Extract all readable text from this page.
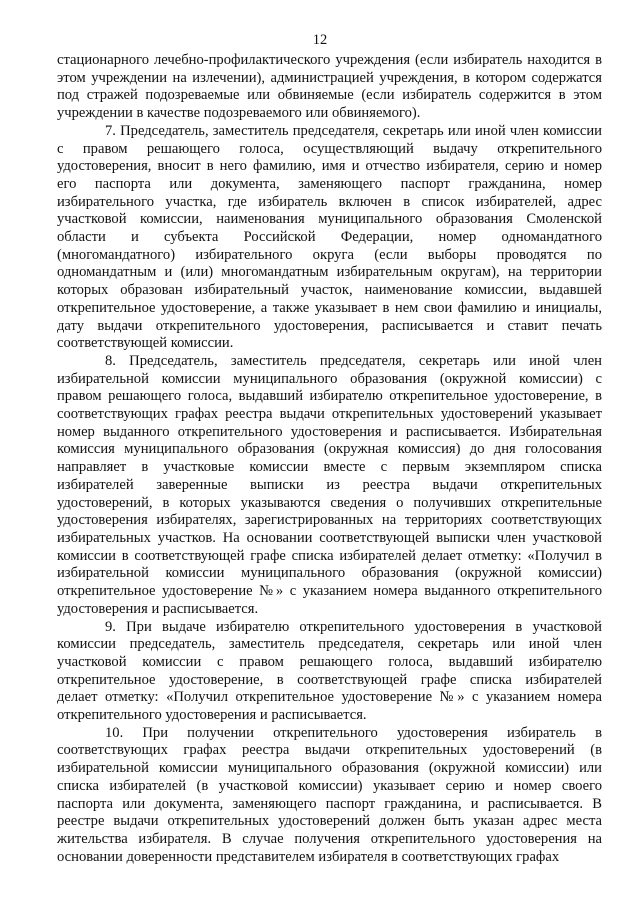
12
стационарного лечебно-профилактического учреждения (если избиратель находится в
этом учреждении на излечении), администрацией учреждения, в котором содержатся
под стражей подозреваемые или обвиняемые (если избиратель содержится в этом
учреждении в качестве подозреваемого или обвиняемого).
7. Председатель, заместитель председателя, секретарь или иной член комиссии
с правом решающего голоса, осуществляющий выдачу открепительного
удостоверения, вносит в него фамилию, имя и отчество избирателя, серию и номер
его паспорта или документа, заменяющего паспорт гражданина, номер
избирательного участка, где избиратель включен в список избирателей, адрес
участковой комиссии, наименования муниципального образования Смоленской
области и субъекта Российской Федерации, номер одномандатного
(многомандатного) избирательного округа (если выборы проводятся по
одномандатным и (или) многомандатным избирательным округам), на территории
которых образован избирательный участок, наименование комиссии, выдавшей
открепительное удостоверение, а также указывает в нем свои фамилию и инициалы,
дату выдачи открепительного удостоверения, расписывается и ставит печать
соответствующей комиссии.
8. Председатель, заместитель председателя, секретарь или иной член
избирательной комиссии муниципального образования (окружной комиссии) с
правом решающего голоса, выдавший избирателю открепительное удостоверение, в
соответствующих графах реестра выдачи открепительных удостоверений указывает
номер выданного открепительного удостоверения и расписывается. Избирательная
комиссия муниципального образования (окружная комиссия) до дня голосования
направляет в участковые комиссии вместе с первым экземпляром списка
избирателей заверенные выписки из реестра выдачи открепительных
удостоверений, в которых указываются сведения о получивших открепительные
удостоверения избирателях, зарегистрированных на территориях соответствующих
избирательных участков. На основании соответствующей выписки член участковой
комиссии в соответствующей графе списка избирателей делает отметку: «Получил в
избирательной комиссии муниципального образования (окружной комиссии)
открепительное удостоверение №» с указанием номера выданного открепительного
удостоверения и расписывается.
9. При выдаче избирателю открепительного удостоверения в участковой
комиссии председатель, заместитель председателя, секретарь или иной член
участковой комиссии с правом решающего голоса, выдавший избирателю
открепительное удостоверение, в соответствующей графе списка избирателей
делает отметку: «Получил открепительное удостоверение №» с указанием номера
открепительного удостоверения и расписывается.
10. При получении открепительного удостоверения избиратель в
соответствующих графах реестра выдачи открепительных удостоверений (в
избирательной комиссии муниципального образования (окружной комиссии) или
списка избирателей (в участковой комиссии) указывает серию и номер своего
паспорта или документа, заменяющего паспорт гражданина, и расписывается. В
реестре выдачи открепительных удостоверений должен быть указан адрес места
жительства избирателя. В случае получения открепительного удостоверения на
основании доверенности представителем избирателя в соответствующих графах
